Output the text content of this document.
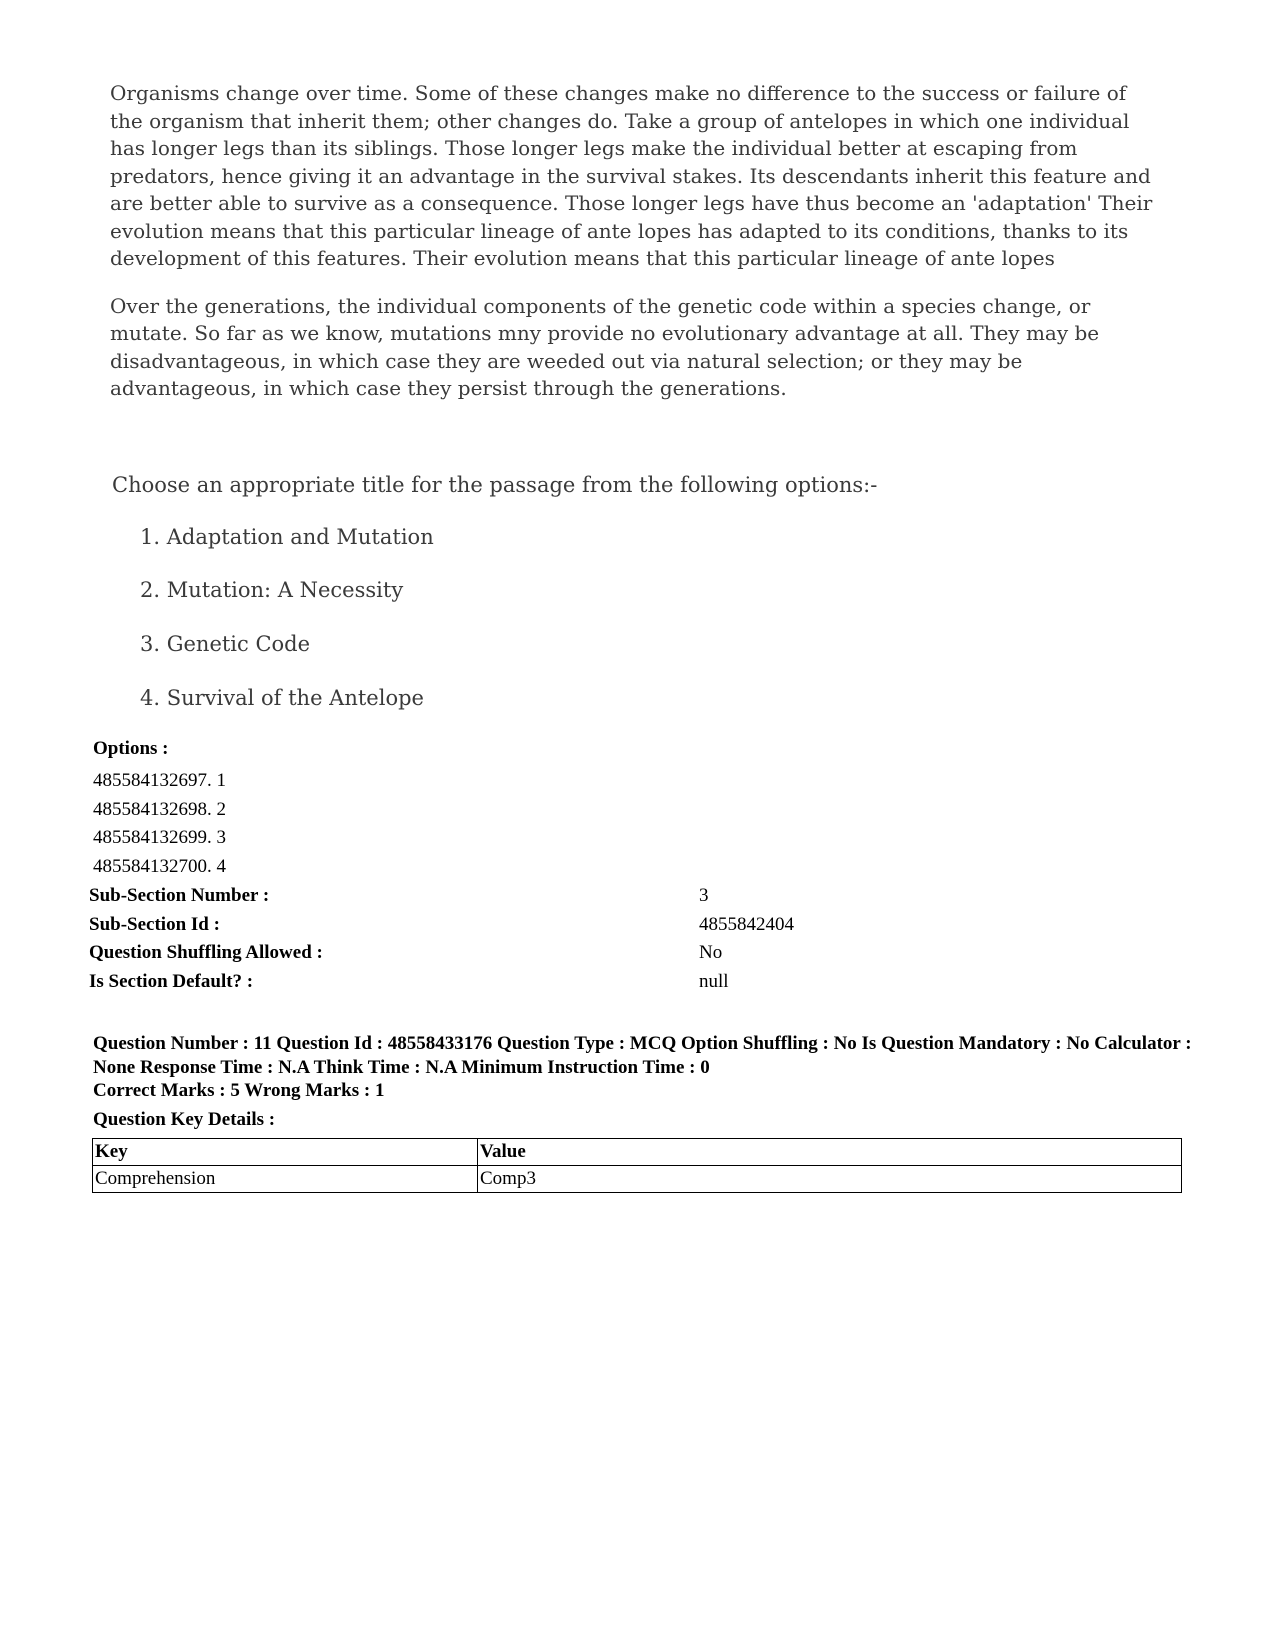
Organisms change over time. Some of these changes make no difference to the success or failure of the organism that inherit them; other changes do. Take a group of antelopes in which one individual has longer legs than its siblings. Those longer legs make the individual better at escaping from predators, hence giving it an advantage in the survival stakes. Its descendants inherit this feature and are better able to survive as a consequence. Those longer legs have thus become an 'adaptation' Their evolution means that this particular lineage of ante lopes has adapted to its conditions, thanks to its development of this features. Their evolution means that this particular lineage of ante lopes

Over the generations, the individual components of the genetic code within a species change, or mutate. So far as we know, mutations mny provide no evolutionary advantage at all. They may be disadvantageous, in which case they are weeded out via natural selection; or they may be advantageous, in which case they persist through the generations.

Choose an appropriate title for the passage from the following options:-
1. Adaptation and Mutation
2. Mutation: A Necessity
3. Genetic Code
4. Survival of the Antelope
Options :
485584132697. 1
485584132698. 2
485584132699. 3
485584132700. 4
Sub-Section Number :	3
Sub-Section Id :	4855842404
Question Shuffling Allowed :	No
Is Section Default? :	null
Question Number : 11 Question Id : 48558433176 Question Type : MCQ Option Shuffling : No Is Question Mandatory : No Calculator : None Response Time : N.A Think Time : N.A Minimum Instruction Time : 0
Correct Marks : 5 Wrong Marks : 1
Question Key Details :
Key	Value
Comprehension	Comp3
